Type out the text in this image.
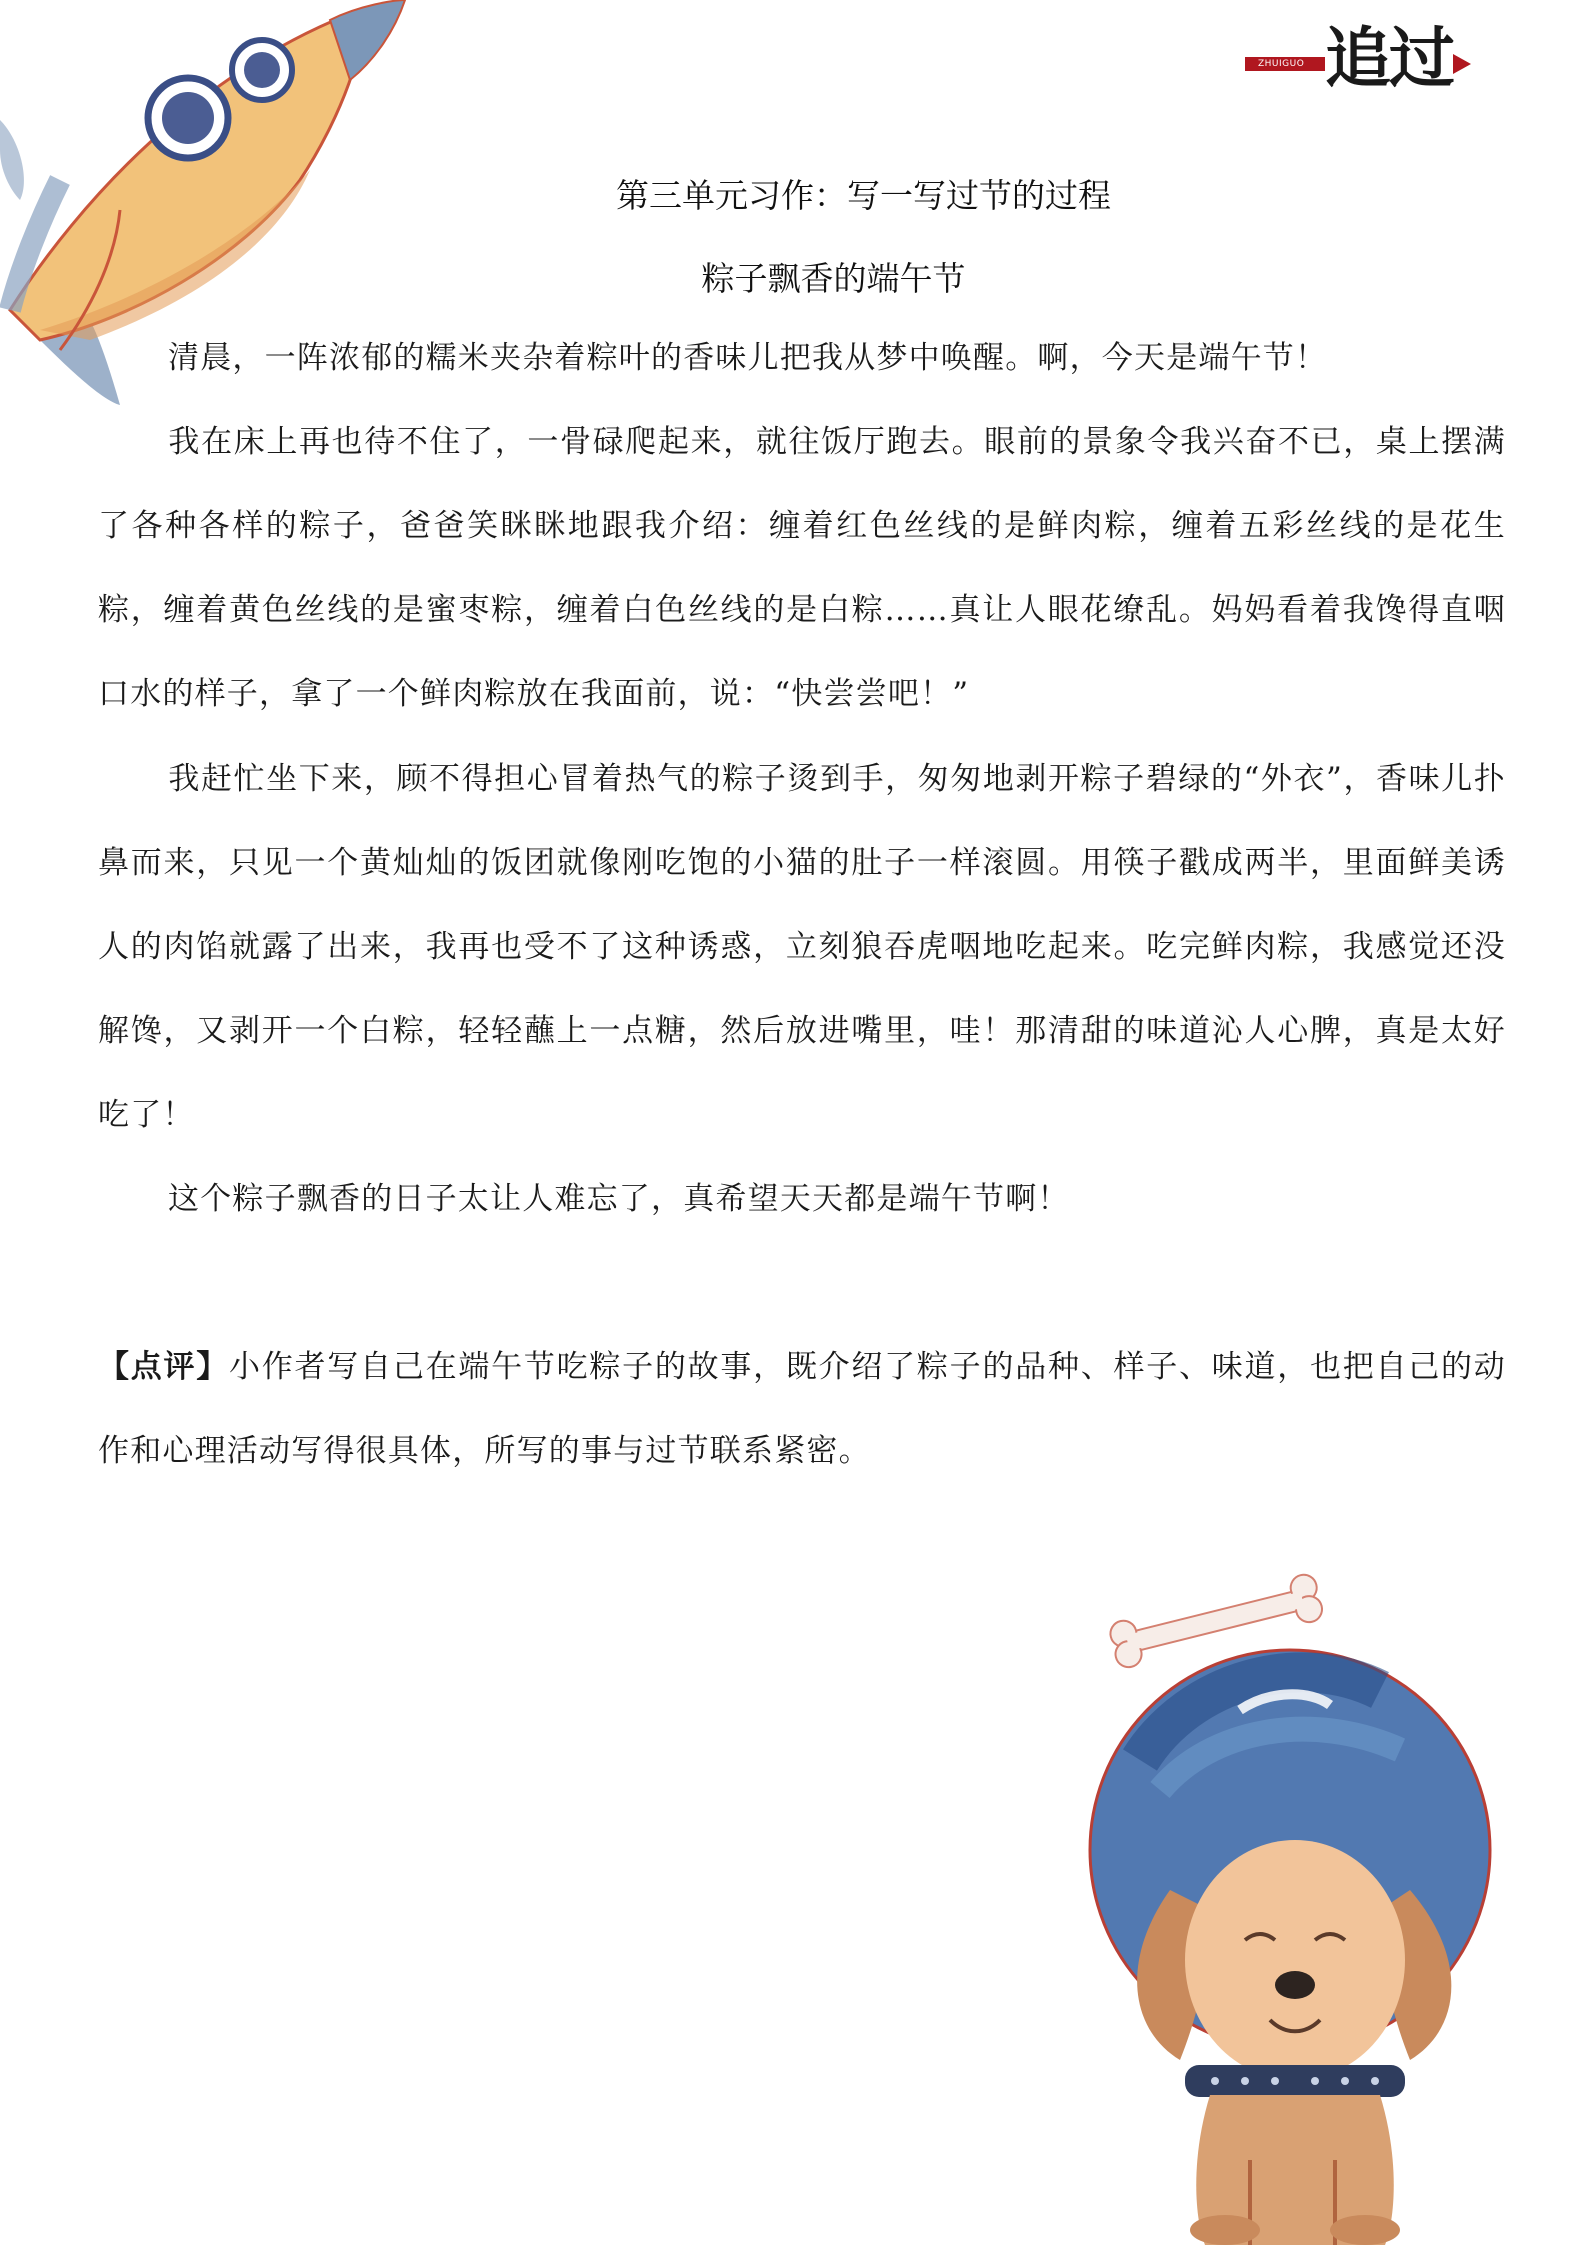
ZHUIGUO 追过
第三单元习作：写一写过节的过程
粽子飘香的端午节

清晨，一阵浓郁的糯米夹杂着粽叶的香味儿把我从梦中唤醒。啊，今天是端午节！

我在床上再也待不住了，一骨碌爬起来，就往饭厅跑去。眼前的景象令我兴奋不已，桌上摆满了各种各样的粽子，爸爸笑眯眯地跟我介绍：缠着红色丝线的是鲜肉粽，缠着五彩丝线的是花生粽，缠着黄色丝线的是蜜枣粽，缠着白色丝线的是白粽……真让人眼花缭乱。妈妈看着我馋得直咽口水的样子，拿了一个鲜肉粽放在我面前，说：“快尝尝吧！”

我赶忙坐下来，顾不得担心冒着热气的粽子烫到手，匆匆地剥开粽子碧绿的“外衣”，香味儿扑鼻而来，只见一个黄灿灿的饭团就像刚吃饱的小猫的肚子一样滚圆。用筷子戳成两半，里面鲜美诱人的肉馅就露了出来，我再也受不了这种诱惑，立刻狼吞虎咽地吃起来。吃完鲜肉粽，我感觉还没解馋，又剥开一个白粽，轻轻蘸上一点糖，然后放进嘴里，哇！那清甜的味道沁人心脾，真是太好吃了！

这个粽子飘香的日子太让人难忘了，真希望天天都是端午节啊！

【点评】小作者写自己在端午节吃粽子的故事，既介绍了粽子的品种、样子、味道，也把自己的动作和心理活动写得很具体，所写的事与过节联系紧密。
